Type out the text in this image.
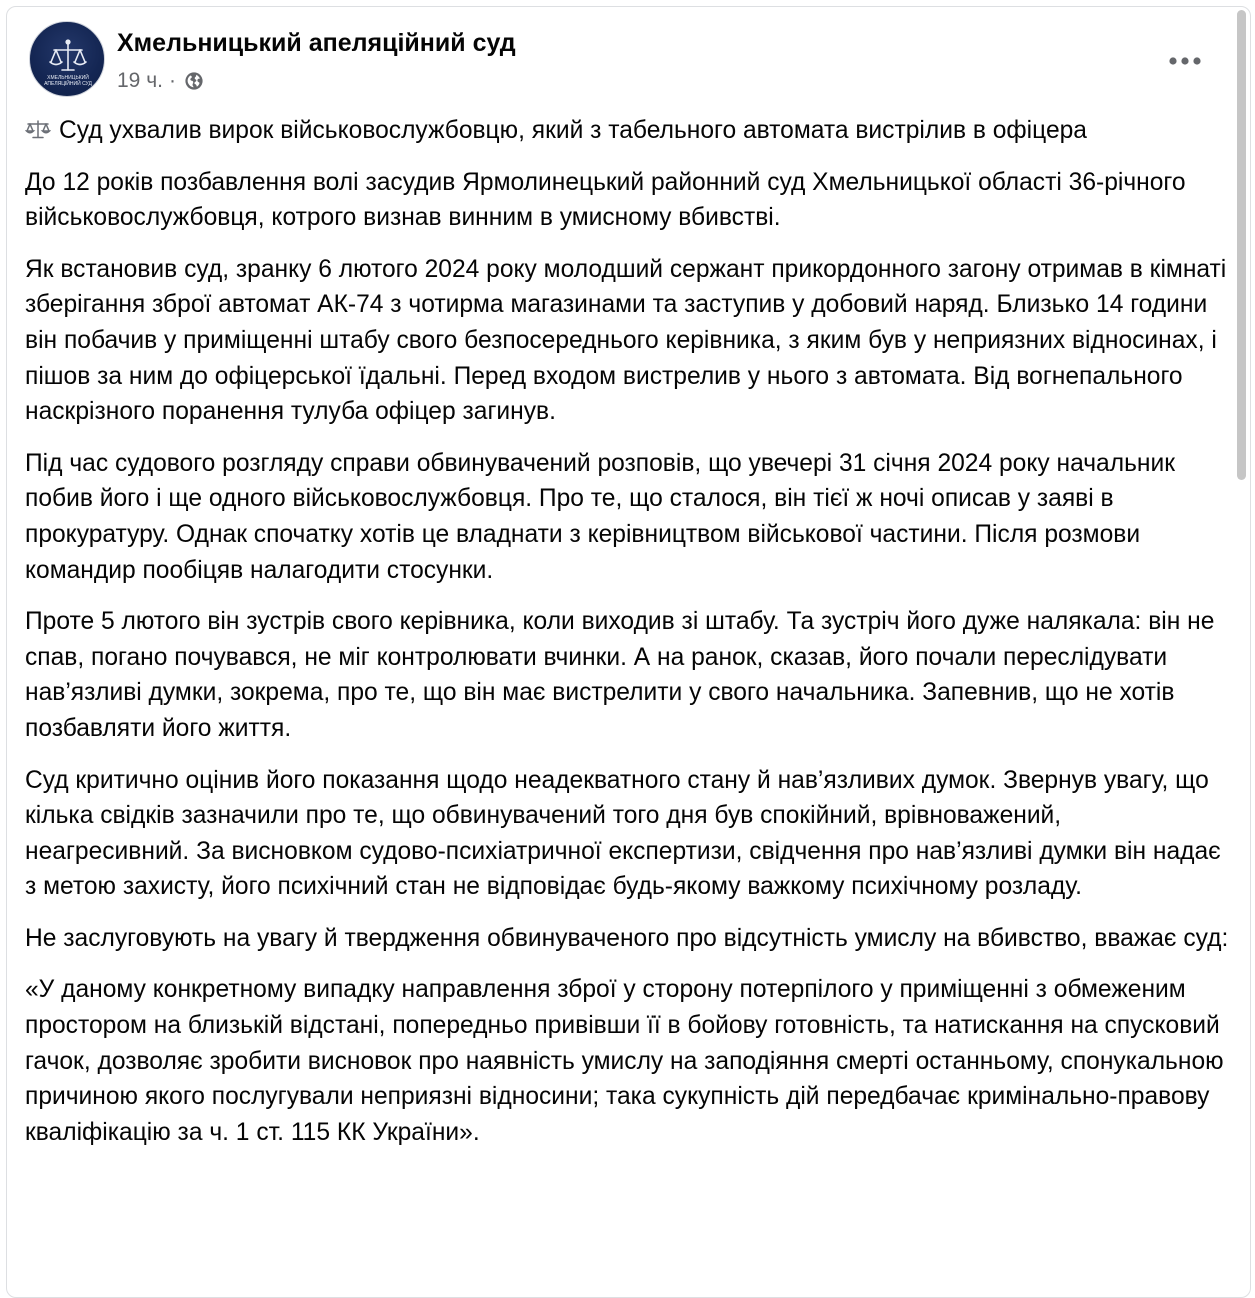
ХМЕЛЬНИЦЬКИЙ
АПЕЛЯЦІЙНИЙ СУД
Хмельницький апеляційний суд
19 ч. ·

Суд ухвалив вирок військовослужбовцю, який з табельного автомата вистрілив в офіцера

До 12 років позбавлення волі засудив Ярмолинецький районний суд Хмельницької області 36-річного військовослужбовця, котрого визнав винним в умисному вбивстві.

Як встановив суд, зранку 6 лютого 2024 року молодший сержант прикордонного загону отримав в кімнаті зберігання зброї автомат АК-74 з чотирма магазинами та заступив у добовий наряд. Близько 14 години він побачив у приміщенні штабу свого безпосереднього керівника, з яким був у неприязних відносинах, і пішов за ним до офіцерської їдальні. Перед входом вистрелив у нього з автомата. Від вогнепального наскрізного поранення тулуба офіцер загинув.

Під час судового розгляду справи обвинувачений розповів, що увечері 31 січня 2024 року начальник побив його і ще одного військовослужбовця. Про те, що сталося, він тієї ж ночі описав у заяві в прокуратуру. Однак спочатку хотів це владнати з керівництвом військової частини. Після розмови командир пообіцяв налагодити стосунки.

Проте 5 лютого він зустрів свого керівника, коли виходив зі штабу. Та зустріч його дуже налякала: він не спав, погано почувався, не міг контролювати вчинки. А на ранок, сказав, його почали переслідувати нав’язливі думки, зокрема, про те, що він має вистрелити у свого начальника. Запевнив, що не хотів позбавляти його життя.

Суд критично оцінив його показання щодо неадекватного стану й нав’язливих думок. Звернув увагу, що кілька свідків зазначили про те, що обвинувачений того дня був спокійний, врівноважений, неагресивний. За висновком судово-психіатричної експертизи, свідчення про нав’язливі думки він надає з метою захисту, його психічний стан не відповідає будь-якому важкому психічному розладу.

Не заслуговують на увагу й твердження обвинуваченого про відсутність умислу на вбивство, вважає суд:

«У даному конкретному випадку направлення зброї у сторону потерпілого у приміщенні з обмеженим простором на близькій відстані, попередньо привівши її в бойову готовність, та натискання на спусковий гачок, дозволяє зробити висновок про наявність умислу на заподіяння смерті останньому, спонукальною причиною якого послугували неприязні відносини; така сукупність дій передбачає кримінально-правову кваліфікацію за ч. 1 ст. 115 КК України».
